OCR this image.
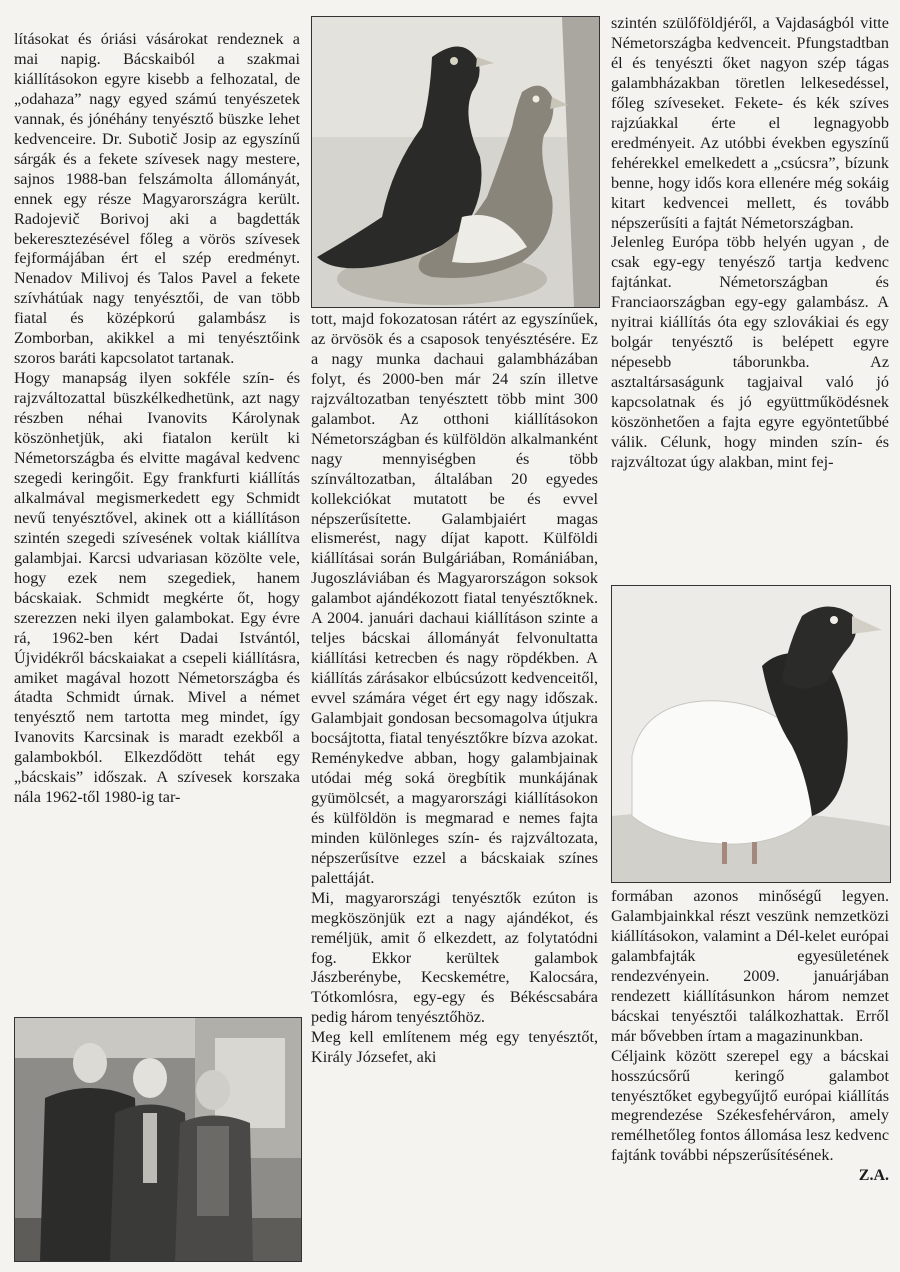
lításokat és óriási vásárokat rendeznek a mai napig. Bácskaiból a szakmai kiállításokon egyre kisebb a felhozatal, de „odahaza” nagy egyed számú tenyészetek vannak, és jónéhány tenyésztő büszke lehet kedvenceire. Dr. Subotič Josip az egyszínű sárgák és a fekete szívesek nagy mestere, sajnos 1988-ban felszámolta állományát, ennek egy része Magyarországra került. Radojevič Borivoj aki a bagdetták bekeresztezésével főleg a vörös szívesek fejformájában ért el szép eredményt. Nenadov Milivoj és Talos Pavel a fekete szívhátúak nagy tenyésztői, de van több fiatal és középkorú galambász is Zomborban, akikkel a mi tenyésztőink szoros baráti kapcsolatot tartanak.

Hogy manapság ilyen sokféle szín- és rajzváltozattal büszkélkedhetünk, azt nagy részben néhai Ivanovits Károlynak köszönhetjük, aki fiatalon került ki Németországba és elvitte magával kedvenc szegedi keringőit. Egy frankfurti kiállítás alkalmával megismerkedett egy Schmidt nevű tenyésztővel, akinek ott a kiállításon szintén szegedi szívesének voltak kiállítva galambjai. Karcsi udvariasan közölte vele, hogy ezek nem szegediek, hanem bácskaiak. Schmidt megkérte őt, hogy szerezzen neki ilyen galambokat. Egy évre rá, 1962-ben kért Dadai Istvántól, Újvidékről bácskaiakat a csepeli kiállításra, amiket magával hozott Németországba és átadta Schmidt úrnak. Mivel a német tenyésztő nem tartotta meg mindet, így Ivanovits Karcsinak is maradt ezekből a galambokból. Elkezdődött tehát egy „bácskais” időszak. A szívesek korszaka nála 1962-től 1980-ig tar-

tott, majd fokozatosan rátért az egyszínűek, az örvösök és a csaposok tenyésztésére. Ez a nagy munka dachaui galambházában folyt, és 2000-ben már 24 szín illetve rajzváltozatban tenyésztett több mint 300 galambot. Az otthoni kiállításokon Németországban és külföldön alkalmanként nagy mennyiségben és több színváltozatban, általában 20 egyedes kollekciókat mutatott be és evvel népszerűsítette. Galambjaiért magas elismerést, nagy díjat kapott. Külföldi kiállításai során Bulgáriában, Romániában, Jugoszláviában és Magyarországon soksok galambot ajándékozott fiatal tenyésztőknek. A 2004. januári dachaui kiállításon szinte a teljes bácskai állományát felvonultatta kiállítási ketrecben és nagy röpdékben. A kiállítás zárásakor elbúcsúzott kedvenceitől, evvel számára véget ért egy nagy időszak. Galambjait gondosan becsomagolva útjukra bocsájtotta, fiatal tenyésztőkre bízva azokat. Reménykedve abban, hogy galambjainak utódai még soká öregbítik munkájának gyümölcsét, a magyarországi kiállításokon és külföldön is megmarad e nemes fajta minden különleges szín- és rajzváltozata, népszerűsítve ezzel a bácskaiak színes palettáját.

Mi, magyarországi tenyésztők ezúton is megköszönjük ezt a nagy ajándékot, és reméljük, amit ő elkezdett, az folytatódni fog. Ekkor kerültek galambok Jászberénybe, Kecskemétre, Kalocsára, Tótkomlósra, egy-egy és Békéscsabára pedig három tenyésztőhöz.

Meg kell említenem még egy tenyésztőt, Király Józsefet, aki

szintén szülőföldjéről, a Vajdaságból vitte Németországba kedvenceit. Pfungstadtban él és tenyészti őket nagyon szép tágas galambházakban töretlen lelkesedéssel, főleg szíveseket. Fekete- és kék szíves rajzúakkal érte el legnagyobb eredményeit. Az utóbbi években egyszínű fehérekkel emelkedett a „csúcsra”, bízunk benne, hogy idős kora ellenére még sokáig kitart kedvencei mellett, és tovább népszerűsíti a fajtát Németországban.

Jelenleg Európa több helyén ugyan , de csak egy-egy tenyésző tartja kedvenc fajtánkat. Németországban és Franciaországban egy-egy galambász. A nyitrai kiállítás óta egy szlovákiai és egy bolgár tenyésztő is belépett egyre népesebb táborunkba. Az asztaltársaságunk tagjaival való jó kapcsolatnak és jó együttműködésnek köszönhetően a fajta egyre egyöntetűbbé válik. Célunk, hogy minden szín- és rajzváltozat úgy alakban, mint fej-

formában azonos minőségű legyen. Galambjainkkal részt veszünk nemzetközi kiállításokon, valamint a Dél-kelet európai galambfajták egyesületének rendezvényein. 2009. januárjában rendezett kiállításunkon három nemzet bácskai tenyésztői találkozhattak. Erről már bővebben írtam a magazinunkban.

Céljaink között szerepel egy a bácskai hosszúcsőrű keringő galambot tenyésztőket egybegyűjtő európai kiállítás megrendezése Székesfehérváron, amely remélhetőleg fontos állomása lesz kedvenc fajtánk további népszerűsítésének.

Z.A.
